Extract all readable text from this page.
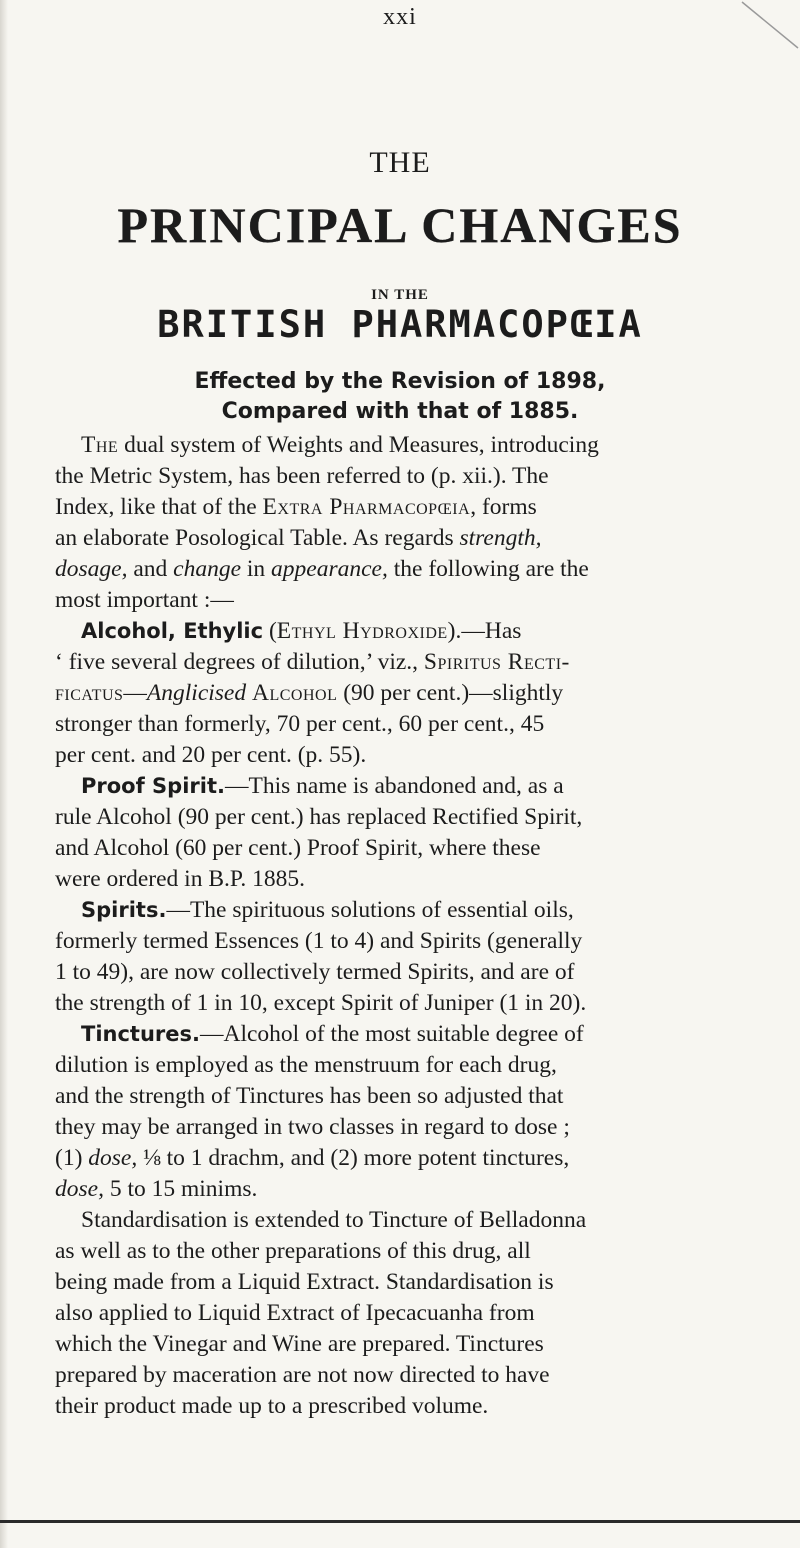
xxi
THE
PRINCIPAL CHANGES
IN THE
BRITISH PHARMACOPŒIA
Effected by the Revision of 1898,
Compared with that of 1885.
The dual system of Weights and Measures, introducing
the Metric System, has been referred to (p. xii.). The
Index, like that of the Extra Pharmacopœia, forms
an elaborate Posological Table. As regards strength,
dosage, and change in appearance, the following are the
most important :—
Alcohol, Ethylic (Ethyl Hydroxide).—Has
‘ five several degrees of dilution,’ viz., Spiritus Recti-
ficatus—Anglicised Alcohol (90 per cent.)—slightly
stronger than formerly, 70 per cent., 60 per cent., 45
per cent. and 20 per cent. (p. 55).
Proof Spirit.—This name is abandoned and, as a
rule Alcohol (90 per cent.) has replaced Rectified Spirit,
and Alcohol (60 per cent.) Proof Spirit, where these
were ordered in B.P. 1885.
Spirits.—The spirituous solutions of essential oils,
formerly termed Essences (1 to 4) and Spirits (generally
1 to 49), are now collectively termed Spirits, and are of
the strength of 1 in 10, except Spirit of Juniper (1 in 20).
Tinctures.—Alcohol of the most suitable degree of
dilution is employed as the menstruum for each drug,
and the strength of Tinctures has been so adjusted that
they may be arranged in two classes in regard to dose ;
(1) dose, ⅛ to 1 drachm, and (2) more potent tinctures,
dose, 5 to 15 minims.
Standardisation is extended to Tincture of Belladonna
as well as to the other preparations of this drug, all
being made from a Liquid Extract. Standardisation is
also applied to Liquid Extract of Ipecacuanha from
which the Vinegar and Wine are prepared. Tinctures
prepared by maceration are not now directed to have
their product made up to a prescribed volume.
